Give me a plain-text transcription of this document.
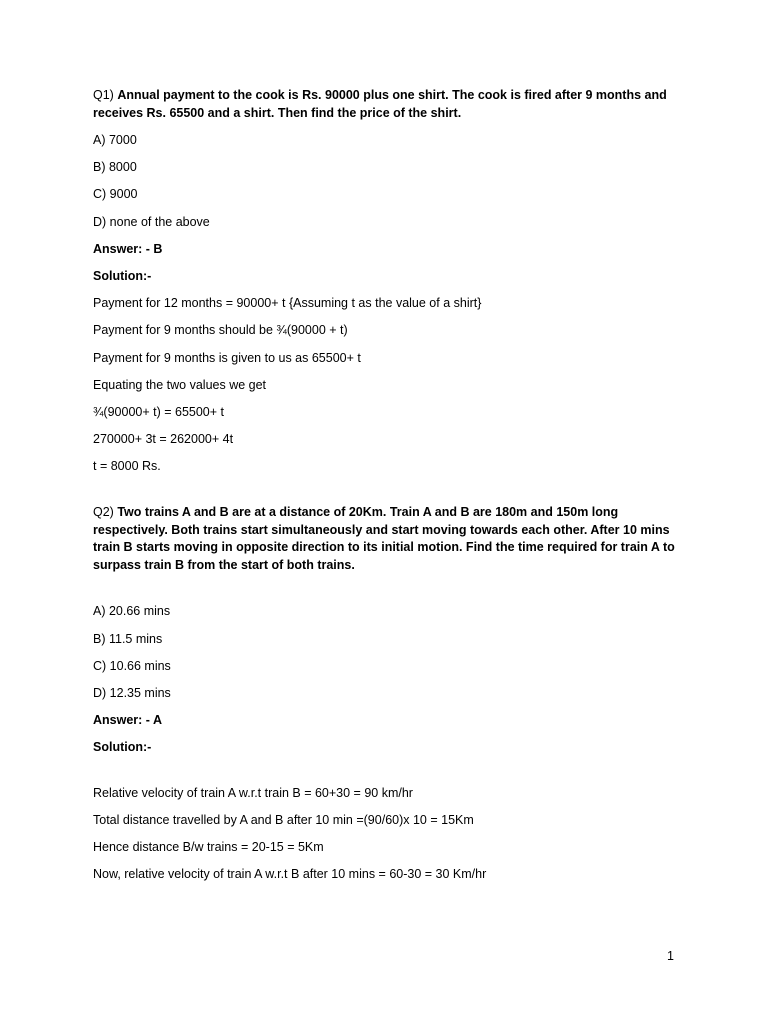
Q1) Annual payment to the cook is Rs. 90000 plus one shirt. The cook is fired after 9 months and receives Rs. 65500 and a shirt. Then find the price of the shirt.
A) 7000
B) 8000
C) 9000
D) none of the above
Answer: - B
Solution:-
Payment for 12 months = 90000+ t {Assuming t as the value of a shirt}
Payment for 9 months should be ¾(90000 + t)
Payment for 9 months is given to us as 65500+ t
Equating the two values we get
¾(90000+ t) = 65500+ t
270000+ 3t = 262000+ 4t
t = 8000 Rs.
Q2) Two trains A and B are at a distance of 20Km. Train A and B are 180m and 150m long respectively. Both trains start simultaneously and start moving towards each other. After 10 mins train B starts moving in opposite direction to its initial motion. Find the time required for train A to surpass train B from the start of both trains.
A) 20.66 mins
B) 11.5 mins
C) 10.66 mins
D) 12.35 mins
Answer: - A
Solution:-
Relative velocity of train A w.r.t train B = 60+30 = 90 km/hr
Total distance travelled by A and B after 10 min =(90/60)x 10 = 15Km
Hence distance B/w trains = 20-15 = 5Km
Now, relative velocity of train A w.r.t B after 10 mins = 60-30 = 30 Km/hr
1
